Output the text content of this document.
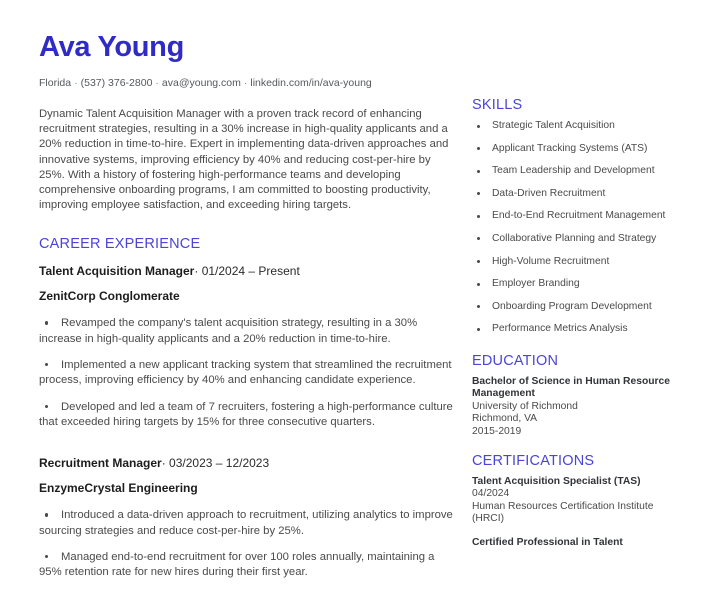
Ava Young
Florida · (537) 376-2800 · ava@young.com · linkedin.com/in/ava-young

Dynamic Talent Acquisition Manager with a proven track record of enhancing recruitment strategies, resulting in a 30% increase in high-quality applicants and a 20% reduction in time-to-hire. Expert in implementing data-driven approaches and innovative systems, improving efficiency by 40% and reducing cost-per-hire by 25%. With a history of fostering high-performance teams and developing comprehensive onboarding programs, I am committed to boosting productivity, improving employee satisfaction, and exceeding hiring targets.

CAREER EXPERIENCE
Talent Acquisition Manager· 01/2024 – Present
ZenitCorp Conglomerate
Revamped the company's talent acquisition strategy, resulting in a 30% increase in high-quality applicants and a 20% reduction in time-to-hire.
Implemented a new applicant tracking system that streamlined the recruitment process, improving efficiency by 40% and enhancing candidate experience.
Developed and led a team of 7 recruiters, fostering a high-performance culture that exceeded hiring targets by 15% for three consecutive quarters.
Recruitment Manager· 03/2023 – 12/2023
EnzymeCrystal Engineering
Introduced a data-driven approach to recruitment, utilizing analytics to improve sourcing strategies and reduce cost-per-hire by 25%.
Managed end-to-end recruitment for over 100 roles annually, maintaining a 95% retention rate for new hires during their first year.
SKILLS
Strategic Talent Acquisition
Applicant Tracking Systems (ATS)
Team Leadership and Development
Data-Driven Recruitment
End-to-End Recruitment Management
Collaborative Planning and Strategy
High-Volume Recruitment
Employer Branding
Onboarding Program Development
Performance Metrics Analysis
EDUCATION

Bachelor of Science in Human Resource Management

University of Richmond

Richmond, VA

2015-2019

CERTIFICATIONS

Talent Acquisition Specialist (TAS)

04/2024

Human Resources Certification Institute (HRCI)

Certified Professional in Talent
